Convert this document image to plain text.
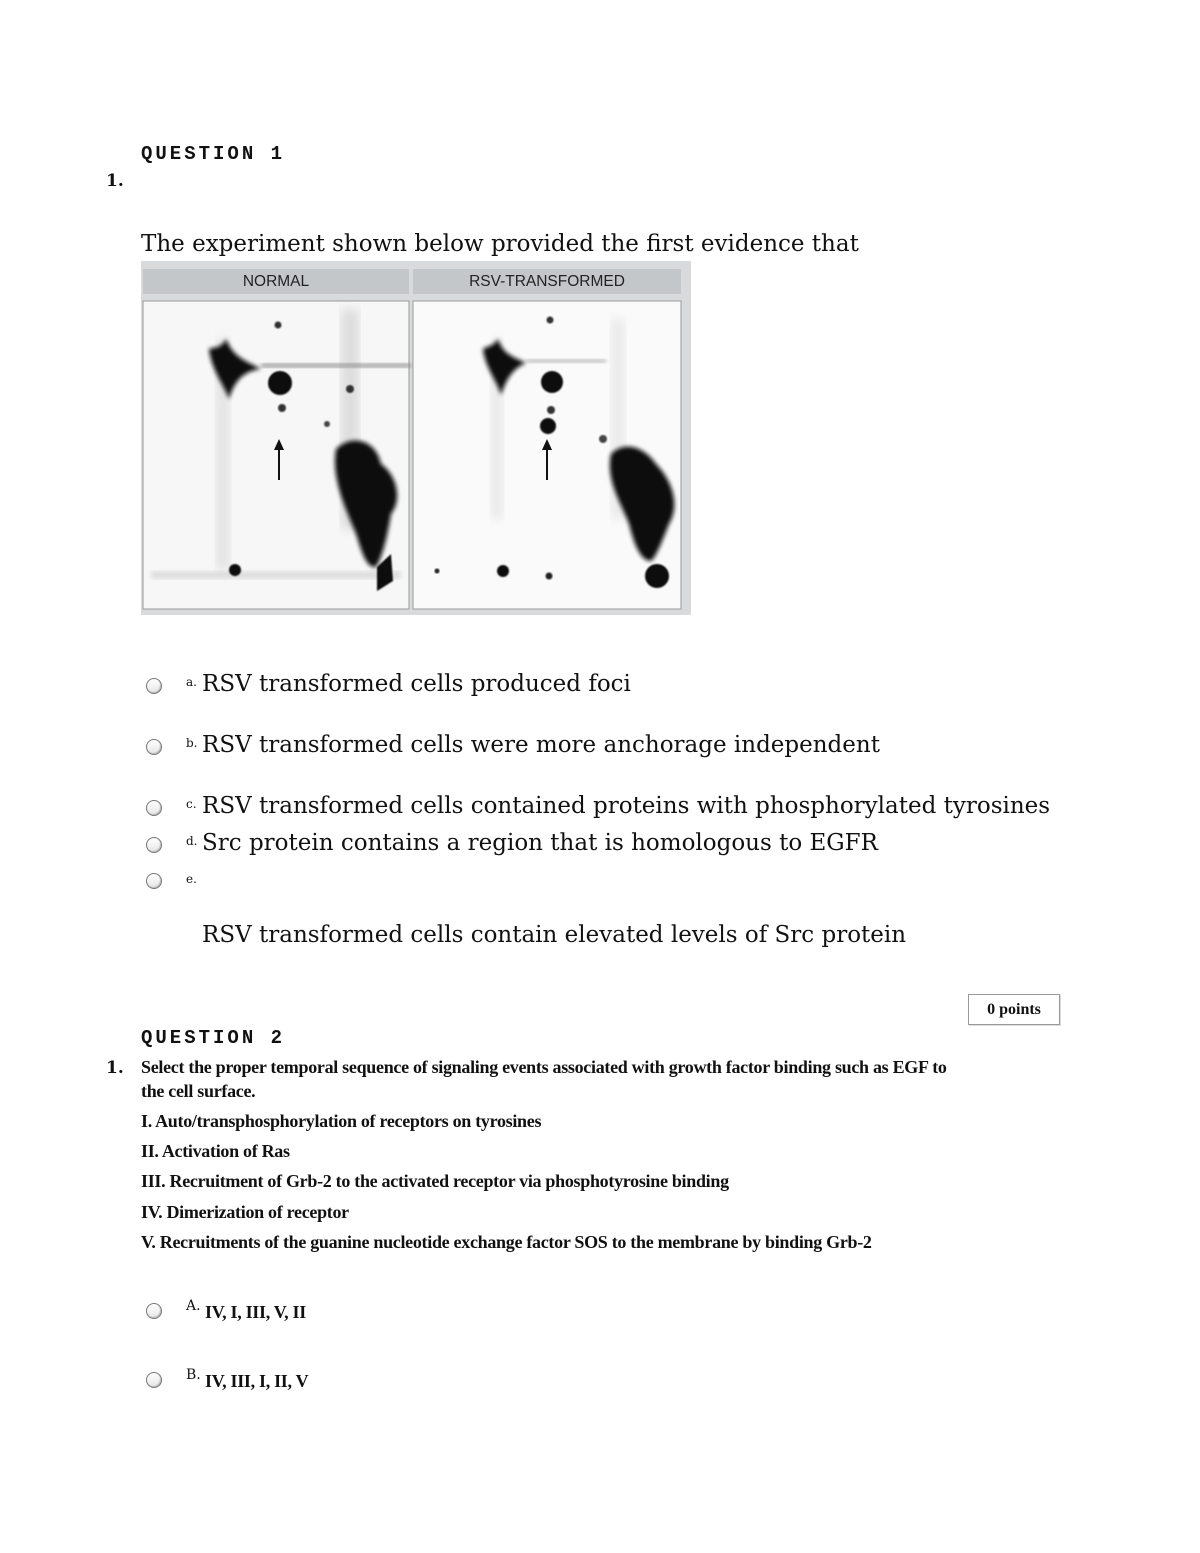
QUESTION 1
1.
The experiment shown below provided the first evidence that
NORMAL	RSV-TRANSFORMED
a. RSV transformed cells produced foci
b. RSV transformed cells were more anchorage independent
c. RSV transformed cells contained proteins with phosphorylated tyrosines
d. Src protein contains a region that is homologous to EGFR
e.
RSV transformed cells contain elevated levels of Src protein
0 points
QUESTION 2
1. Select the proper temporal sequence of signaling events associated with growth factor binding such as EGF to
the cell surface.
I. Auto/transphosphorylation of receptors on tyrosines
II. Activation of Ras
III. Recruitment of Grb-2 to the activated receptor via phosphotyrosine binding
IV. Dimerization of receptor
V. Recruitments of the guanine nucleotide exchange factor SOS to the membrane by binding Grb-2
A. IV, I, III, V, II
B. IV, III, I, II, V
